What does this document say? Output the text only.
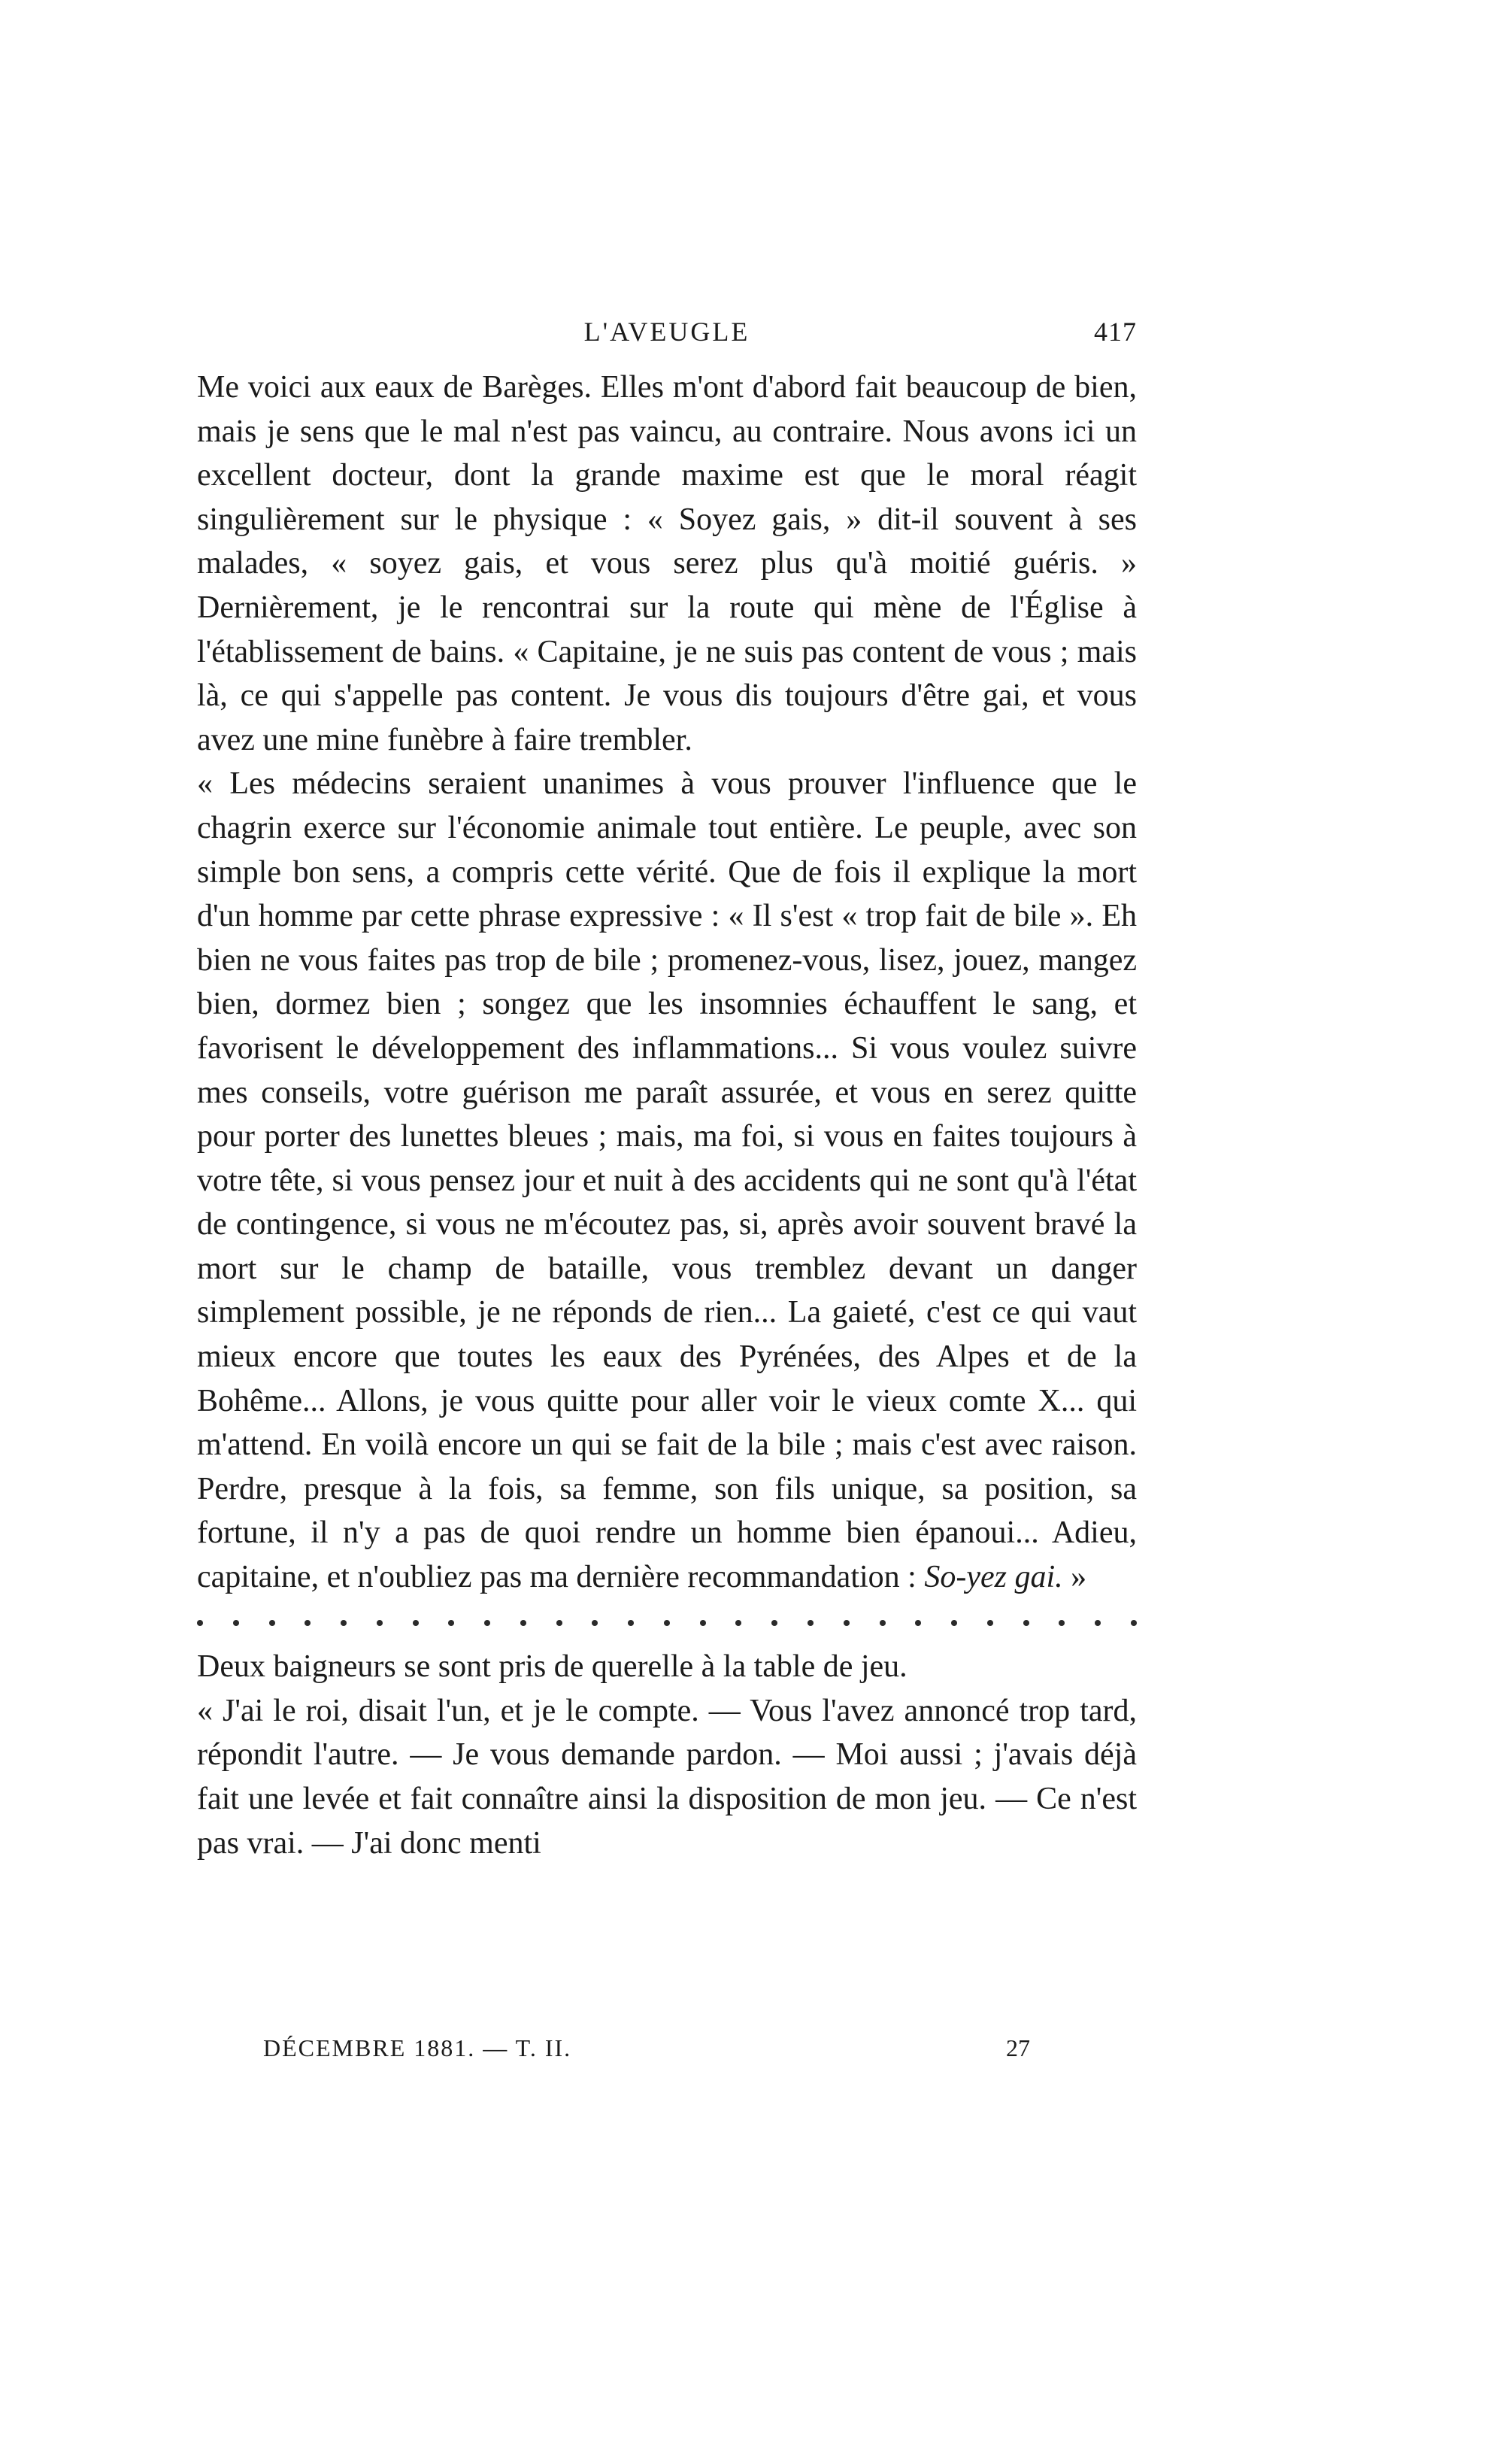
L'AVEUGLE	417

Me voici aux eaux de Barèges. Elles m'ont d'abord fait beaucoup de bien, mais je sens que le mal n'est pas vaincu, au contraire. Nous avons ici un excellent docteur, dont la grande maxime est que le moral réagit singulièrement sur le physique : « Soyez gais, » dit-il souvent à ses malades, « soyez gais, et vous serez plus qu'à moitié guéris. » Dernièrement, je le rencontrai sur la route qui mène de l'Église à l'établissement de bains. « Capitaine, je ne suis pas content de vous ; mais là, ce qui s'appelle pas content. Je vous dis toujours d'être gai, et vous avez une mine funèbre à faire trembler.

« Les médecins seraient unanimes à vous prouver l'influence que le chagrin exerce sur l'économie animale tout entière. Le peuple, avec son simple bon sens, a compris cette vérité. Que de fois il explique la mort d'un homme par cette phrase expressive : « Il s'est « trop fait de bile ». Eh bien ne vous faites pas trop de bile ; promenez-vous, lisez, jouez, mangez bien, dormez bien ; songez que les insomnies échauffent le sang, et favorisent le développement des inflammations... Si vous voulez suivre mes conseils, votre guérison me paraît assurée, et vous en serez quitte pour porter des lunettes bleues ; mais, ma foi, si vous en faites toujours à votre tête, si vous pensez jour et nuit à des accidents qui ne sont qu'à l'état de contingence, si vous ne m'écoutez pas, si, après avoir souvent bravé la mort sur le champ de bataille, vous tremblez devant un danger simplement possible, je ne réponds de rien... La gaieté, c'est ce qui vaut mieux encore que toutes les eaux des Pyrénées, des Alpes et de la Bohême... Allons, je vous quitte pour aller voir le vieux comte X... qui m'attend. En voilà encore un qui se fait de la bile ; mais c'est avec raison. Perdre, presque à la fois, sa femme, son fils unique, sa position, sa fortune, il n'y a pas de quoi rendre un homme bien épanoui... Adieu, capitaine, et n'oubliez pas ma dernière recommandation : So-yez gai. »

Deux baigneurs se sont pris de querelle à la table de jeu.

« J'ai le roi, disait l'un, et je le compte. — Vous l'avez annoncé trop tard, répondit l'autre. — Je vous demande pardon. — Moi aussi ; j'avais déjà fait une levée et fait connaître ainsi la disposition de mon jeu. — Ce n'est pas vrai. — J'ai donc menti

DÉCEMBRE 1881. — T. II.	27
